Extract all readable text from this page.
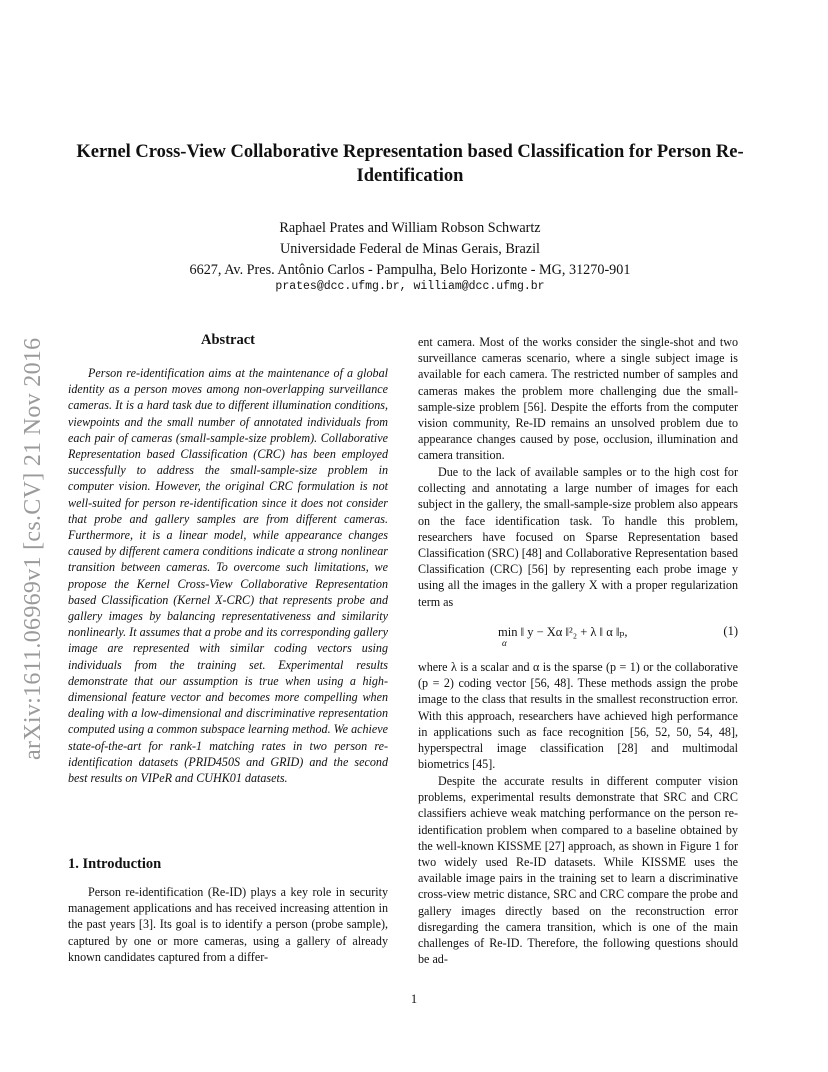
arXiv:1611.06969v1 [cs.CV] 21 Nov 2016
Kernel Cross-View Collaborative Representation based Classification for Person Re-Identification
Raphael Prates and William Robson Schwartz
Universidade Federal de Minas Gerais, Brazil
6627, Av. Pres. Antônio Carlos - Pampulha, Belo Horizonte - MG, 31270-901
prates@dcc.ufmg.br, william@dcc.ufmg.br
Abstract

Person re-identification aims at the maintenance of a global identity as a person moves among non-overlapping surveillance cameras. It is a hard task due to different illumination conditions, viewpoints and the small number of annotated individuals from each pair of cameras (small-sample-size problem). Collaborative Representation based Classification (CRC) has been employed successfully to address the small-sample-size problem in computer vision. However, the original CRC formulation is not well-suited for person re-identification since it does not consider that probe and gallery samples are from different cameras. Furthermore, it is a linear model, while appearance changes caused by different camera conditions indicate a strong nonlinear transition between cameras. To overcome such limitations, we propose the Kernel Cross-View Collaborative Representation based Classification (Kernel X-CRC) that represents probe and gallery images by balancing representativeness and similarity nonlinearly. It assumes that a probe and its corresponding gallery image are represented with similar coding vectors using individuals from the training set. Experimental results demonstrate that our assumption is true when using a high-dimensional feature vector and becomes more compelling when dealing with a low-dimensional and discriminative representation computed using a common subspace learning method. We achieve state-of-the-art for rank-1 matching rates in two person re-identification datasets (PRID450S and GRID) and the second best results on VIPeR and CUHK01 datasets.

1. Introduction

Person re-identification (Re-ID) plays a key role in security management applications and has received increasing attention in the past years [3]. Its goal is to identify a person (probe sample), captured by one or more cameras, using a gallery of already known candidates captured from a differ-

ent camera. Most of the works consider the single-shot and two surveillance cameras scenario, where a single subject image is available for each camera. The restricted number of samples and cameras makes the problem more challenging due the small-sample-size problem [56]. Despite the efforts from the computer vision community, Re-ID remains an unsolved problem due to appearance changes caused by pose, occlusion, illumination and camera transition.

Due to the lack of available samples or to the high cost for collecting and annotating a large number of images for each subject in the gallery, the small-sample-size problem also appears on the face identification task. To handle this problem, researchers have focused on Sparse Representation based Classification (SRC) [48] and Collaborative Representation based Classification (CRC) [56] by representing each probe image y using all the images in the gallery X with a proper regularization term as

min ‖ y − Xα ‖²₂ + λ ‖ α ‖ₚ,
α
(1)

where λ is a scalar and α is the sparse (p = 1) or the collaborative (p = 2) coding vector [56, 48]. These methods assign the probe image to the class that results in the smallest reconstruction error. With this approach, researchers have achieved high performance in applications such as face recognition [56, 52, 50, 54, 48], hyperspectral image classification [28] and multimodal biometrics [45].

Despite the accurate results in different computer vision problems, experimental results demonstrate that SRC and CRC classifiers achieve weak matching performance on the person re-identification problem when compared to a baseline obtained by the well-known KISSME [27] approach, as shown in Figure 1 for two widely used Re-ID datasets. While KISSME uses the available image pairs in the training set to learn a discriminative cross-view metric distance, SRC and CRC compare the probe and gallery images directly based on the reconstruction error disregarding the camera transition, which is one of the main challenges of Re-ID. Therefore, the following questions should be ad-

1
